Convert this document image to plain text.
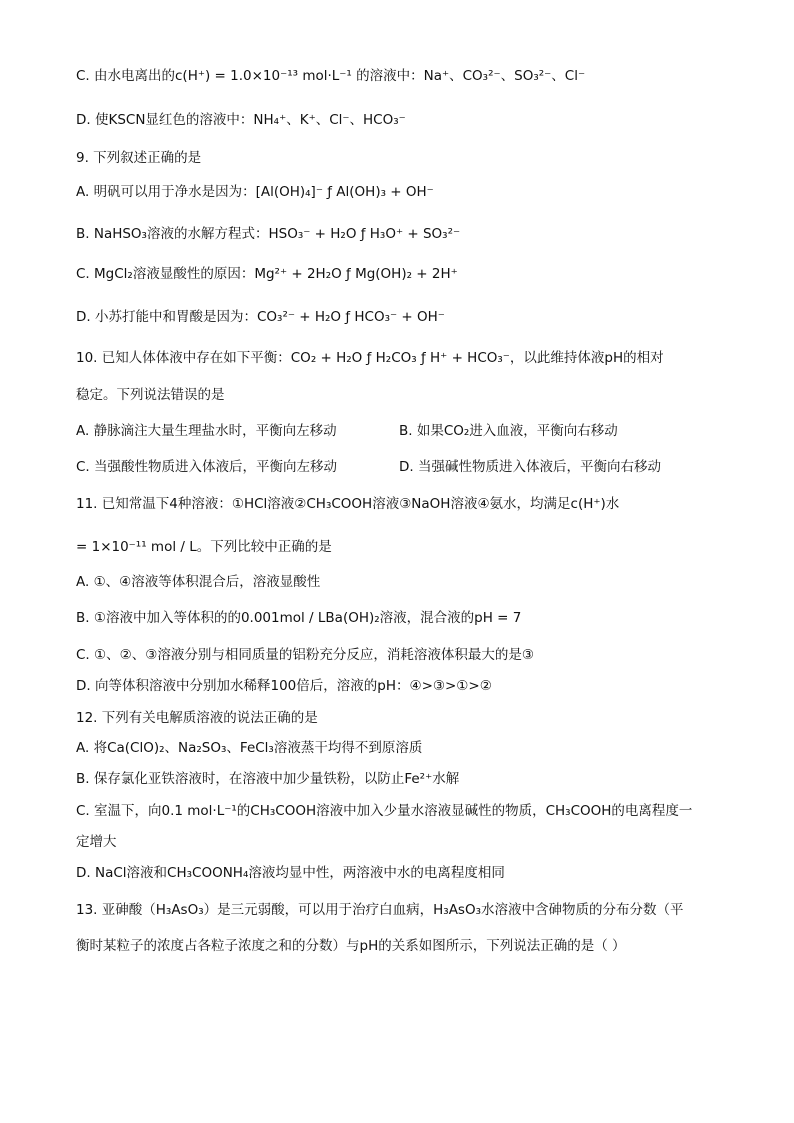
C. 由水电离出的c(H⁺) = 1.0×10⁻¹³ mol·L⁻¹ 的溶液中：Na⁺、CO₃²⁻、SO₃²⁻、Cl⁻
D. 使KSCN显红色的溶液中：NH₄⁺、K⁺、Cl⁻、HCO₃⁻
9. 下列叙述正确的是
A. 明矾可以用于净水是因为：[Al(OH)₄]⁻ ƒ Al(OH)₃ + OH⁻
B. NaHSO₃溶液的水解方程式：HSO₃⁻ + H₂O ƒ H₃O⁺ + SO₃²⁻
C. MgCl₂溶液显酸性的原因：Mg²⁺ + 2H₂O ƒ Mg(OH)₂ + 2H⁺
D. 小苏打能中和胃酸是因为：CO₃²⁻ + H₂O ƒ HCO₃⁻ + OH⁻
10. 已知人体体液中存在如下平衡：CO₂ + H₂O ƒ H₂CO₃ ƒ H⁺ + HCO₃⁻，以此维持体液pH的相对
稳定。下列说法错误的是
A. 静脉滴注大量生理盐水时，平衡向左移动	B. 如果CO₂进入血液，平衡向右移动
C. 当强酸性物质进入体液后，平衡向左移动	D. 当强碱性物质进入体液后，平衡向右移动
11. 已知常温下4种溶液：①HCl溶液②CH₃COOH溶液③NaOH溶液④氨水，均满足c(H⁺)水
= 1×10⁻¹¹ mol / L。下列比较中正确的是
A. ①、④溶液等体积混合后，溶液显酸性
B. ①溶液中加入等体积的的0.001mol / LBa(OH)₂溶液，混合液的pH = 7
C. ①、②、③溶液分别与相同质量的铝粉充分反应，消耗溶液体积最大的是③
D. 向等体积溶液中分别加水稀释100倍后，溶液的pH：④>③>①>②
12. 下列有关电解质溶液的说法正确的是
A. 将Ca(ClO)₂、Na₂SO₃、FeCl₃溶液蒸干均得不到原溶质
B. 保存氯化亚铁溶液时，在溶液中加少量铁粉，以防止Fe²⁺水解
C. 室温下，向0.1 mol·L⁻¹的CH₃COOH溶液中加入少量水溶液显碱性的物质，CH₃COOH的电离程度一
定增大
D. NaCl溶液和CH₃COONH₄溶液均显中性，两溶液中水的电离程度相同
13. 亚砷酸（H₃AsO₃）是三元弱酸，可以用于治疗白血病，H₃AsO₃水溶液中含砷物质的分布分数（平
衡时某粒子的浓度占各粒子浓度之和的分数）与pH的关系如图所示，下列说法正确的是（ ）
